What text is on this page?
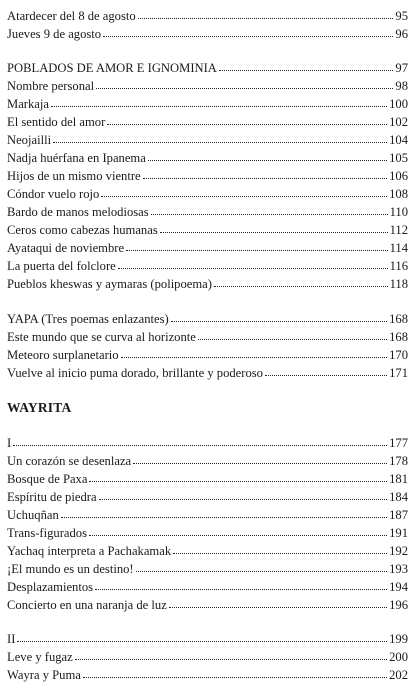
Atardecer del 8 de agosto	95
Jueves 9 de agosto	96
POBLADOS DE AMOR E IGNOMINIA	97
Nombre personal	98
Markaja	100
El sentido del amor	102
Neojailli	104
Nadja huérfana en Ipanema	105
Hijos de un mismo vientre	106
Cóndor vuelo rojo	108
Bardo de manos melodiosas	110
Ceros como cabezas humanas	112
Ayataqui de noviembre	114
La puerta del folclore	116
Pueblos kheswas y aymaras (polipoema)	118
YAPA (Tres poemas enlazantes)	168
Este mundo que se curva al horizonte	168
Meteoro surplanetario	170
Vuelve al inicio puma dorado, brillante y poderoso	171
WAYRITA
I	177
Un corazón se desenlaza	178
Bosque de Paxa	181
Espíritu de piedra	184
Uchuqñan	187
Trans-figurados	191
Yachaq interpreta a Pachakamak	192
¡El mundo es un destino!	193
Desplazamientos	194
Concierto en una naranja de luz	196
II	199
Leve y fugaz	200
Wayra y Puma	202
